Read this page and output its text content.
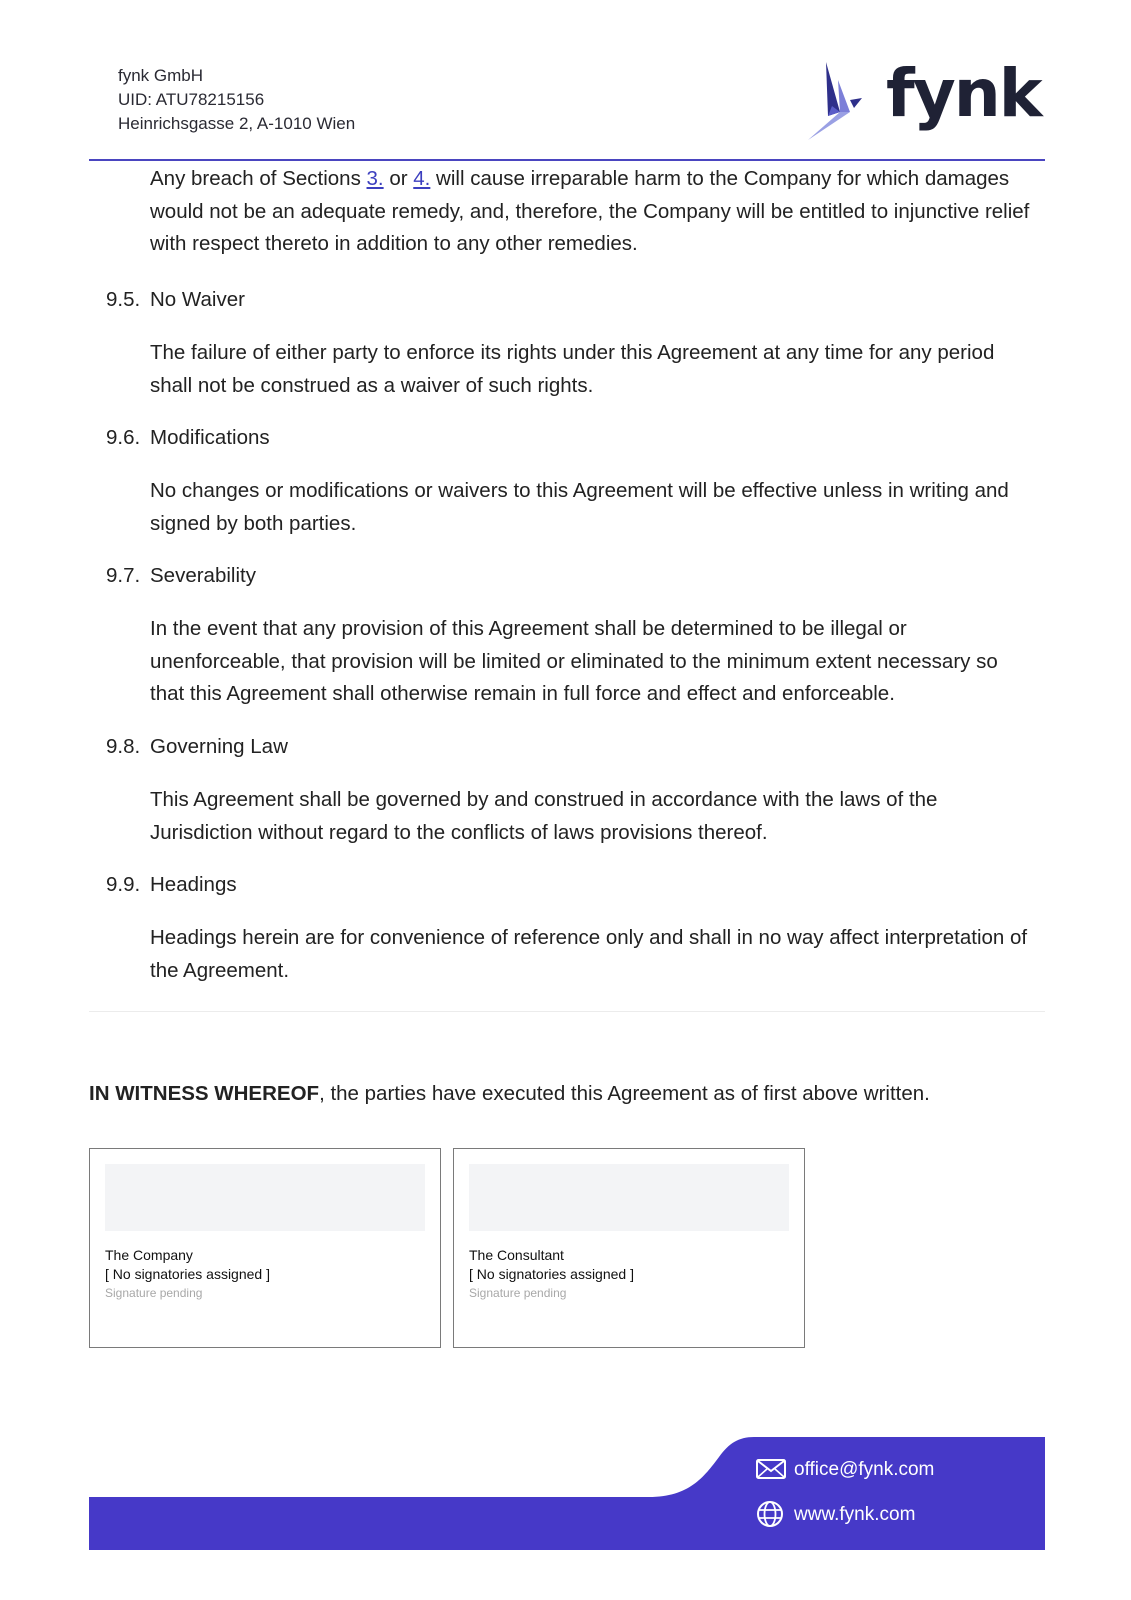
fynk GmbH
UID: ATU78215156
Heinrichsgasse 2, A-1010 Wien	fynk
Any breach of Sections 3. or 4. will cause irreparable harm to the Company for which damages would not be an adequate remedy, and, therefore, the Company will be entitled to injunctive relief with respect thereto in addition to any other remedies.
9.5. No Waiver
The failure of either party to enforce its rights under this Agreement at any time for any period shall not be construed as a waiver of such rights.
9.6. Modifications
No changes or modifications or waivers to this Agreement will be effective unless in writing and signed by both parties.
9.7. Severability
In the event that any provision of this Agreement shall be determined to be illegal or unenforceable, that provision will be limited or eliminated to the minimum extent necessary so that this Agreement shall otherwise remain in full force and effect and enforceable.
9.8. Governing Law
This Agreement shall be governed by and construed in accordance with the laws of the Jurisdiction without regard to the conflicts of laws provisions thereof.
9.9. Headings
Headings herein are for convenience of reference only and shall in no way affect interpretation of the Agreement.
IN WITNESS WHEREOF, the parties have executed this Agreement as of first above written.
The Company
[ No signatories assigned ]
Signature pending
The Consultant
[ No signatories assigned ]
Signature pending
office@fynk.com
www.fynk.com
